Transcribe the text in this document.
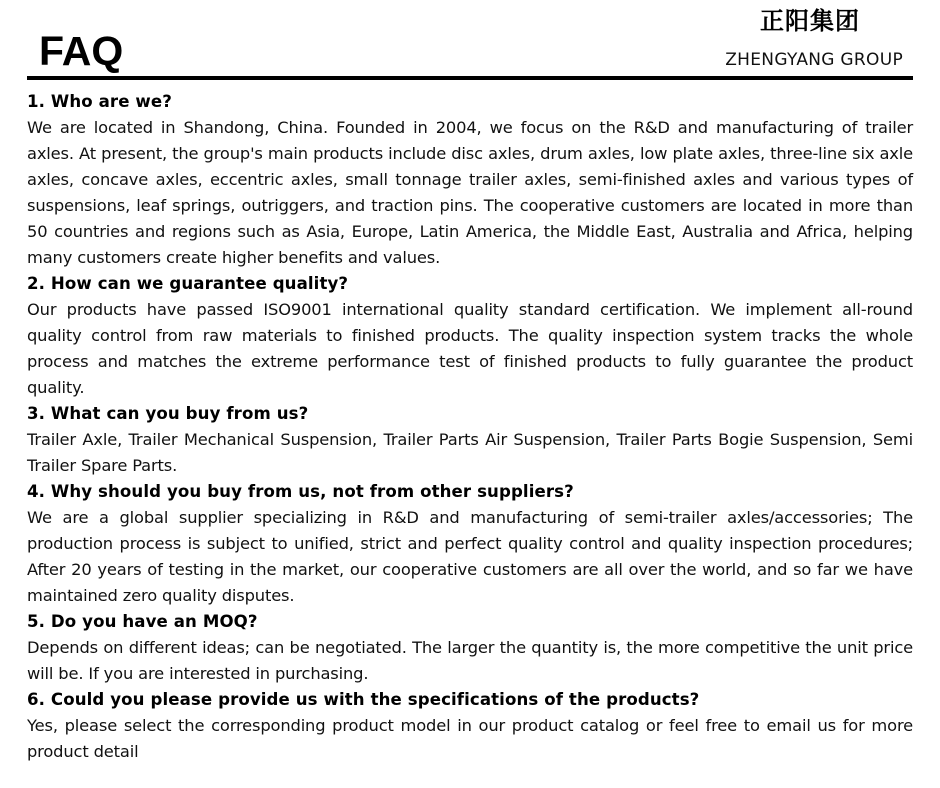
FAQ
正阳集团
ZHENGYANG GROUP

1. Who are we?

We are located in Shandong, China. Founded in 2004, we focus on the R&D and manufacturing of trailer axles. At present, the group's main products include disc axles, drum axles, low plate axles, three-line six axle axles, concave axles, eccentric axles, small tonnage trailer axles, semi-finished axles and various types of suspensions, leaf springs, outriggers, and traction pins. The cooperative customers are located in more than 50 countries and regions such as Asia, Europe, Latin America, the Middle East, Australia and Africa, helping many customers create higher benefits and values.

2. How can we guarantee quality?

Our products have passed ISO9001 international quality standard certification. We implement all-round quality control from raw materials to finished products. The quality inspection system tracks the whole process and matches the extreme performance test of finished products to fully guarantee the product quality.

3. What can you buy from us?

Trailer Axle, Trailer Mechanical Suspension, Trailer Parts Air Suspension, Trailer Parts Bogie Suspension, Semi Trailer Spare Parts.

4. Why should you buy from us, not from other suppliers?

We are a global supplier specializing in R&D and manufacturing of semi-trailer axles/accessories; The production process is subject to unified, strict and perfect quality control and quality inspection procedures; After 20 years of testing in the market, our cooperative customers are all over the world, and so far we have maintained zero quality disputes.

5. Do you have an MOQ?

Depends on different ideas; can be negotiated. The larger the quantity is, the more competitive the unit price will be. If you are interested in purchasing.

6. Could you please provide us with the specifications of the products?

Yes, please select the corresponding product model in our product catalog or feel free to email us for more product detail
